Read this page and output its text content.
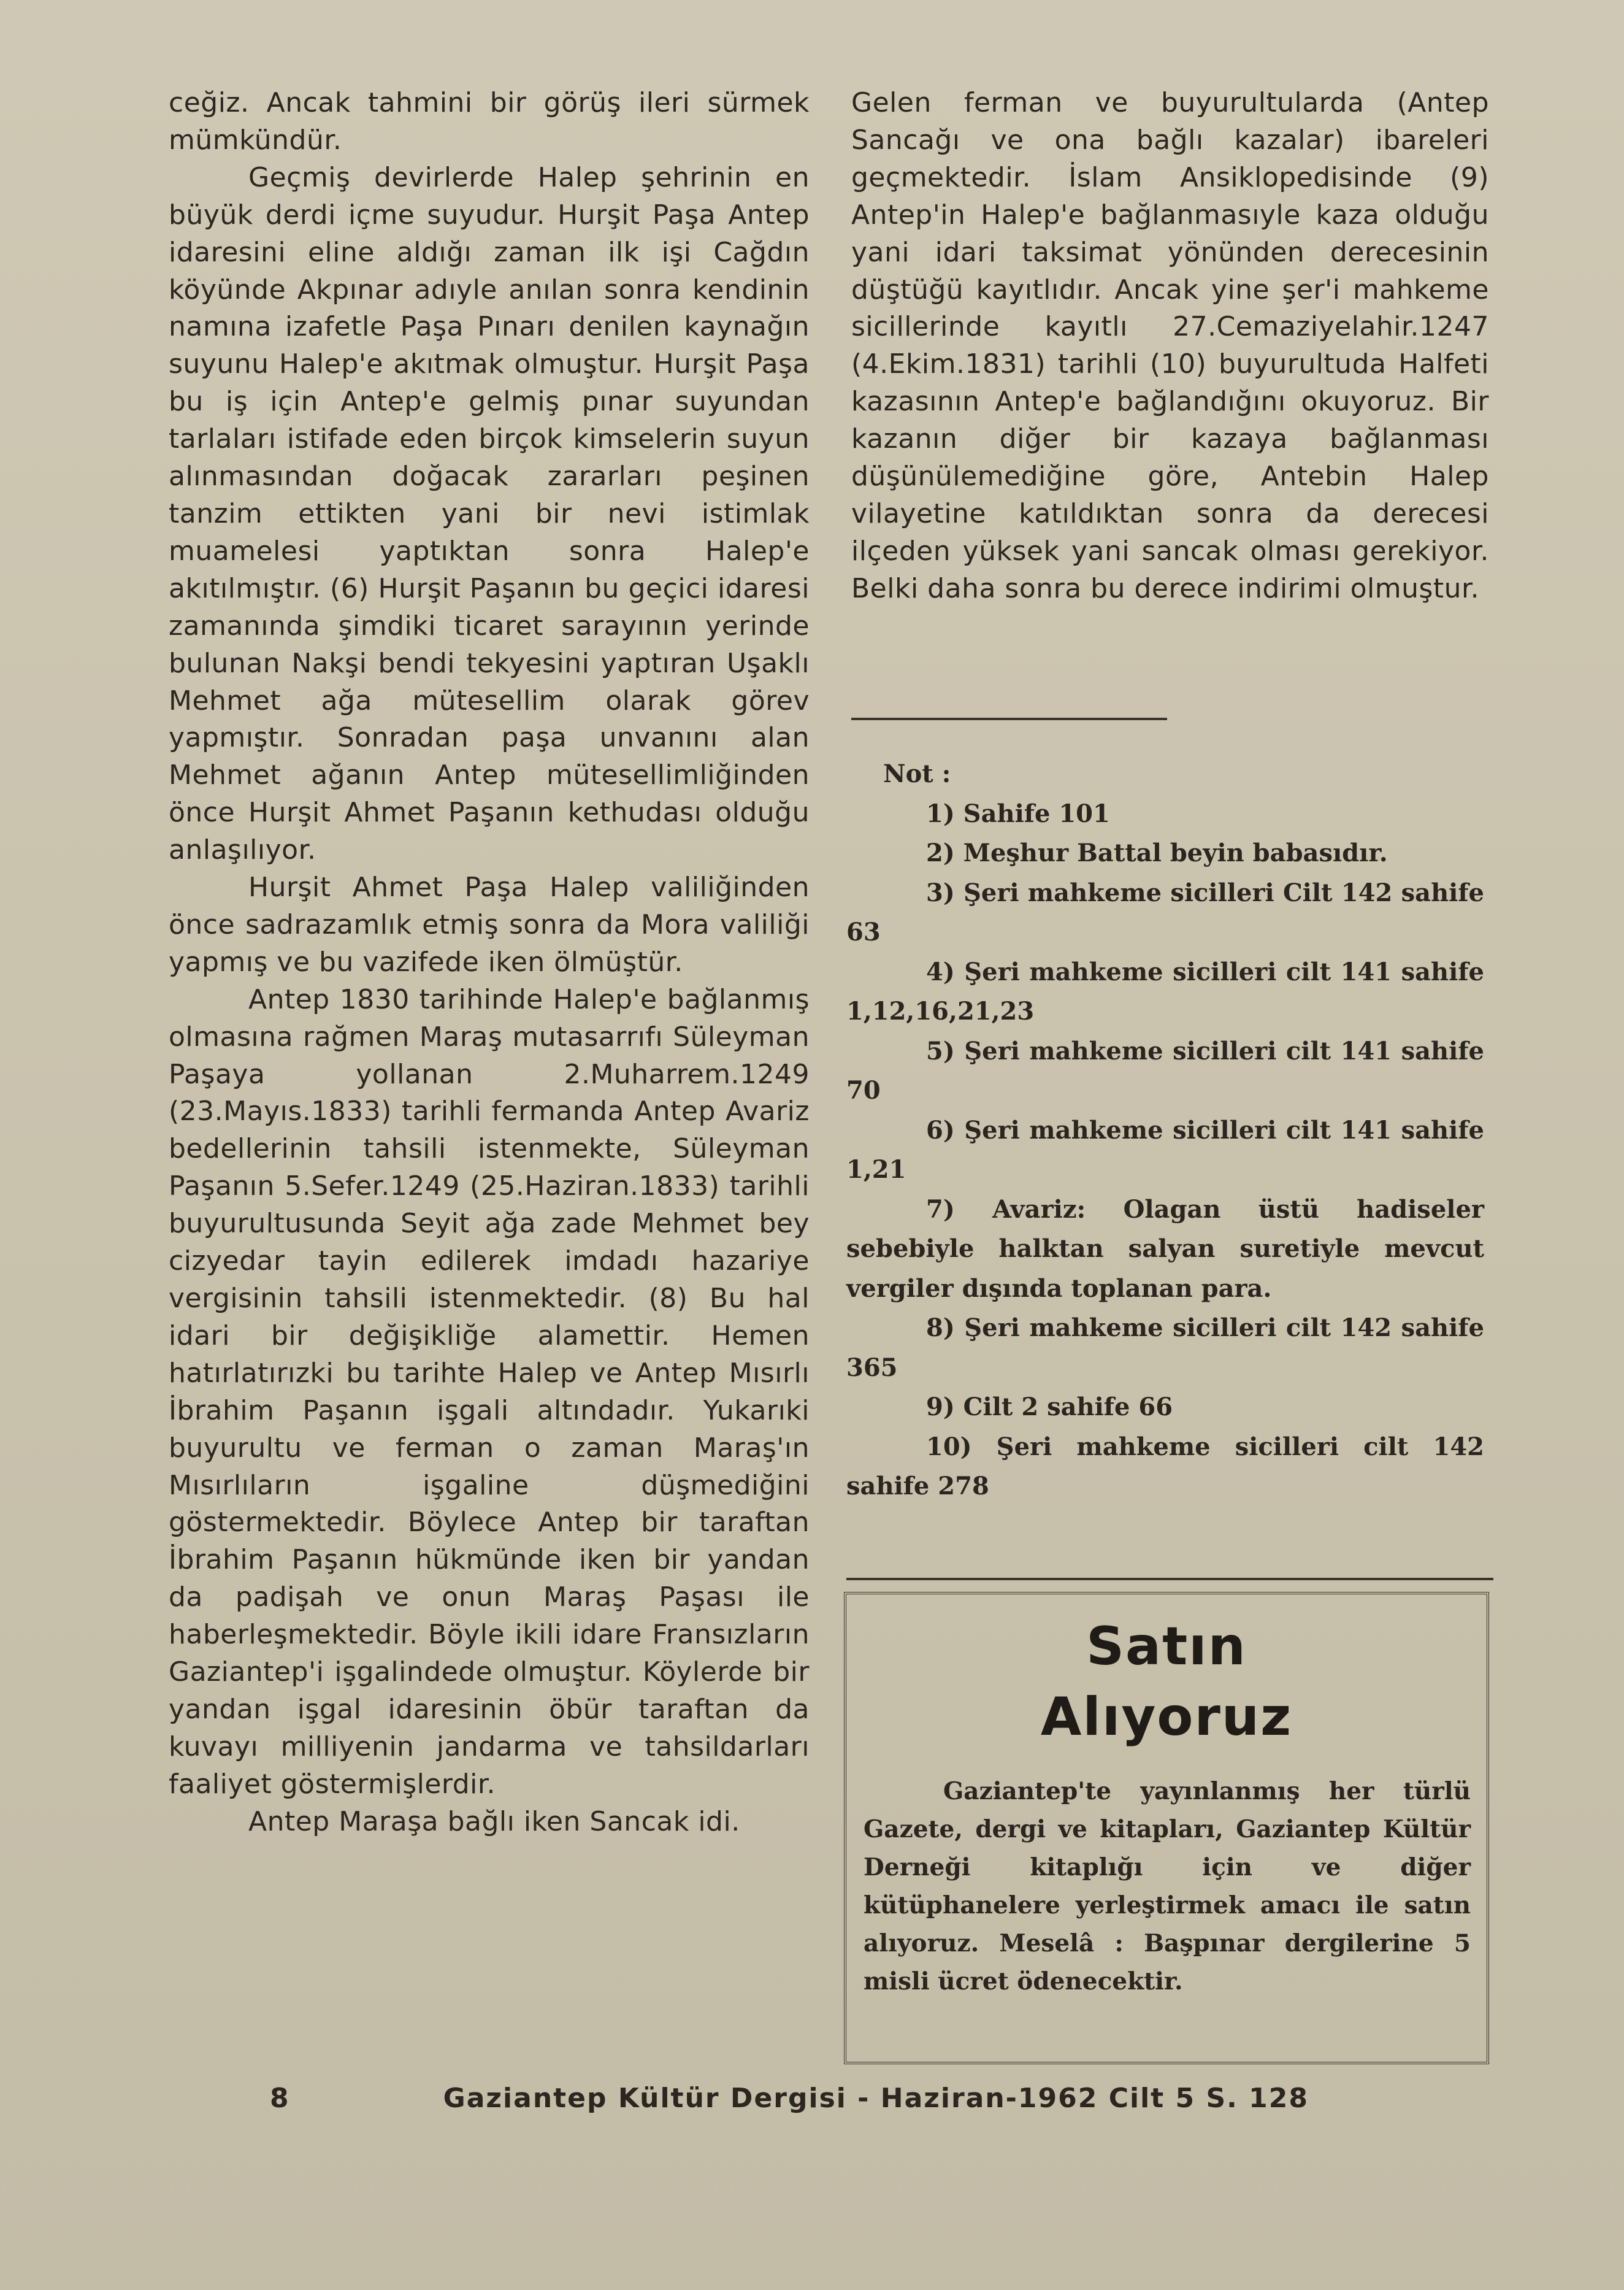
ceğiz. Ancak tahmini bir görüş ileri sürmek mümkündür.

Geçmiş devirlerde Halep şehrinin en büyük derdi içme suyudur. Hurşit Paşa Antep idaresini eline aldığı zaman ilk işi Cağdın köyünde Akpınar adıyle anılan sonra kendinin namına izafetle Paşa Pınarı denilen kaynağın suyunu Halep'e akıtmak olmuştur. Hurşit Paşa bu iş için Antep'e gelmiş pınar suyundan tarlaları istifade eden birçok kimselerin suyun alınmasından doğacak zararları peşinen tanzim ettikten yani bir nevi istimlak muamelesi yaptıktan sonra Halep'e akıtılmıştır. (6) Hurşit Paşanın bu geçici idaresi zamanında şimdiki ticaret sarayının yerinde bulunan Nakşi bendi tekyesini yaptıran Uşaklı Mehmet ağa mütesellim olarak görev yapmıştır. Sonradan paşa unvanını alan Mehmet ağanın Antep mütesellimliğinden önce Hurşit Ahmet Paşanın kethudası olduğu anlaşılıyor.

Hurşit Ahmet Paşa Halep valiliğinden önce sadrazamlık etmiş sonra da Mora valiliği yapmış ve bu vazifede iken ölmüştür.

Antep 1830 tarihinde Halep'e bağlanmış olmasına rağmen Maraş mutasarrıfı Süleyman Paşaya yollanan 2.Muharrem.1249 (23.Mayıs.1833) tarihli fermanda Antep Avariz bedellerinin tahsili istenmekte, Süleyman Paşanın 5.Sefer.1249 (25.Haziran.1833) tarihli buyurultusunda Seyit ağa zade Mehmet bey cizyedar tayin edilerek imdadı hazariye vergisinin tahsili istenmektedir. (8) Bu hal idari bir değişikliğe alamettir. Hemen hatırlatırızki bu tarihte Halep ve Antep Mısırlı İbrahim Paşanın işgali altındadır. Yukarıki buyurultu ve ferman o zaman Maraş'ın Mısırlıların işgaline düşmediğini göstermektedir. Böylece Antep bir taraftan İbrahim Paşanın hükmünde iken bir yandan da padişah ve onun Maraş Paşası ile haberleşmektedir. Böyle ikili idare Fransızların Gaziantep'i işgalindede olmuştur. Köylerde bir yandan işgal idaresinin öbür taraftan da kuvayı milliyenin jandarma ve tahsildarları faaliyet göstermişlerdir.

Antep Maraşa bağlı iken Sancak idi.

Gelen ferman ve buyurultularda (Antep Sancağı ve ona bağlı kazalar) ibareleri geçmektedir. İslam Ansiklopedisinde (9) Antep'in Halep'e bağlanmasıyle kaza olduğu yani idari taksimat yönünden derecesinin düştüğü kayıtlıdır. Ancak yine şer'i mahkeme sicillerinde kayıtlı 27.Cemaziyelahir.1247 (4.Ekim.1831) tarihli (10) buyurultuda Halfeti kazasının Antep'e bağlandığını okuyoruz. Bir kazanın diğer bir kazaya bağlanması düşünülemediğine göre, Antebin Halep vilayetine katıldıktan sonra da derecesi ilçeden yüksek yani sancak olması gerekiyor. Belki daha sonra bu derece indirimi olmuştur.

Not :
1) Sahife 101
2) Meşhur Battal beyin babasıdır.
3) Şeri mahkeme sicilleri Cilt 142 sahife 63
4) Şeri mahkeme sicilleri cilt 141 sahife 1,12,16,21,23
5) Şeri mahkeme sicilleri cilt 141 sahife 70
6) Şeri mahkeme sicilleri cilt 141 sahife 1,21
7) Avariz: Olagan üstü hadiseler sebebiyle halktan salyan suretiyle mevcut vergiler dışında toplanan para.
8) Şeri mahkeme sicilleri cilt 142 sahife 365
9) Cilt 2 sahife 66
10) Şeri mahkeme sicilleri cilt 142 sahife 278
Satın
Alıyoruz

Gaziantep'te yayınlanmış her türlü Gazete, dergi ve kitapları, Gaziantep Kültür Derneği kitaplığı için ve diğer kütüphanelere yerleştirmek amacı ile satın alıyoruz. Meselâ : Başpınar dergilerine 5 misli ücret ödenecektir.

8	Gaziantep Kültür Dergisi - Haziran-1962 Cilt 5 S. 128
